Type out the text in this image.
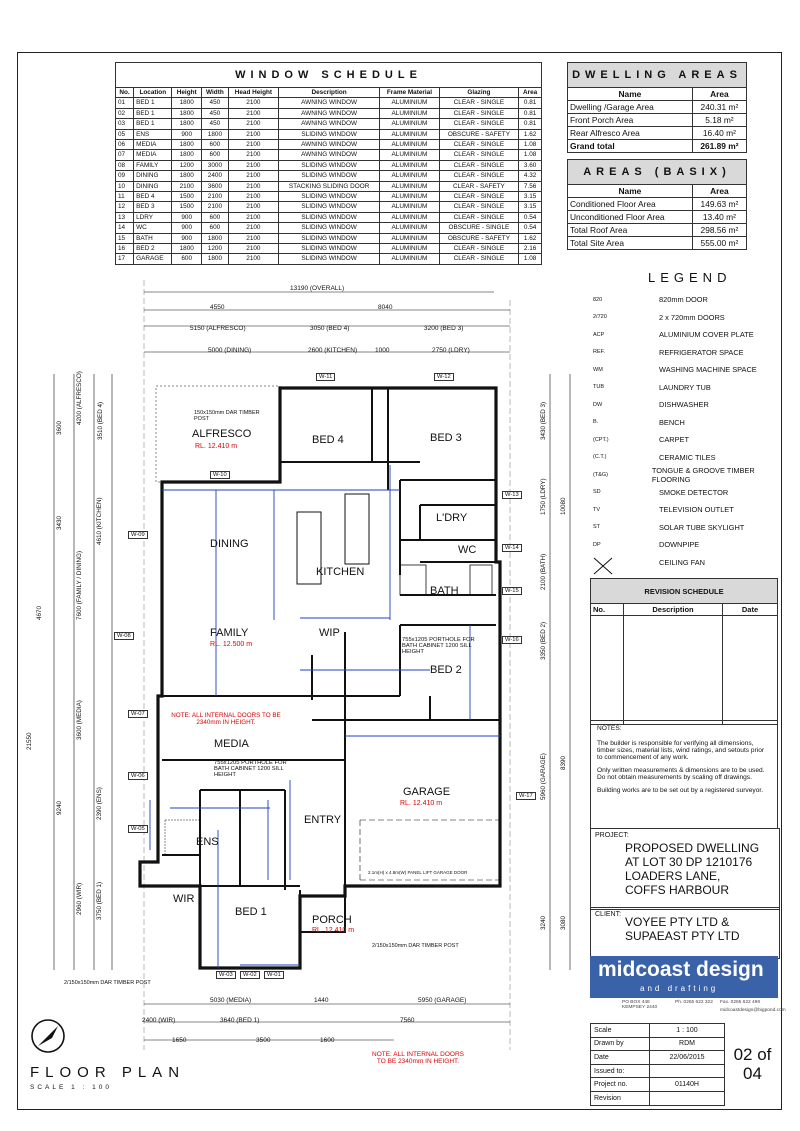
WINDOW SCHEDULE								
No.	Location	Height	Width	Head Height	Description	Frame Material	Glazing	Area
01	BED 1	1800	450	2100	AWNING WINDOW	ALUMINIUM	CLEAR - SINGLE	0.81
02	BED 1	1800	450	2100	AWNING WINDOW	ALUMINIUM	CLEAR - SINGLE	0.81
03	BED 1	1800	450	2100	AWNING WINDOW	ALUMINIUM	CLEAR - SINGLE	0.81
05	ENS	900	1800	2100	SLIDING WINDOW	ALUMINIUM	OBSCURE - SAFETY	1.62
06	MEDIA	1800	600	2100	AWNING WINDOW	ALUMINIUM	CLEAR - SINGLE	1.08
07	MEDIA	1800	600	2100	AWNING WINDOW	ALUMINIUM	CLEAR - SINGLE	1.08
08	FAMILY	1200	3000	2100	SLIDING WINDOW	ALUMINIUM	CLEAR - SINGLE	3.60
09	DINING	1800	2400	2100	SLIDING WINDOW	ALUMINIUM	CLEAR - SINGLE	4.32
10	DINING	2100	3600	2100	STACKING SLIDING DOOR	ALUMINIUM	CLEAR - SAFETY	7.56
11	BED 4	1500	2100	2100	SLIDING WINDOW	ALUMINIUM	CLEAR - SINGLE	3.15
12	BED 3	1500	2100	2100	SLIDING WINDOW	ALUMINIUM	CLEAR - SINGLE	3.15
13	LDRY	900	600	2100	SLIDING WINDOW	ALUMINIUM	CLEAR - SINGLE	0.54
14	WC	900	600	2100	SLIDING WINDOW	ALUMINIUM	OBSCURE - SINGLE	0.54
15	BATH	900	1800	2100	SLIDING WINDOW	ALUMINIUM	OBSCURE - SAFETY	1.62
16	BED 2	1800	1200	2100	SLIDING WINDOW	ALUMINIUM	CLEAR - SINGLE	2.16
17	GARAGE	600	1800	2100	SLIDING WINDOW	ALUMINIUM	CLEAR - SINGLE	1.08
DWELLING AREAS	
Name	Area
Dwelling /Garage Area	240.31 m²
Front Porch Area	5.18 m²
Rear Alfresco Area	16.40 m²
Grand total	261.89 m²

AREAS (BASIX)	
Name	Area
Conditioned Floor Area	149.63 m²
Unconditioned Floor Area	13.40 m²
Total Roof Area	298.56 m²
Total Site Area	555.00 m²
LEGEND
820	820mm DOOR
2/720	2 x 720mm DOORS
ACP	ALUMINIUM COVER PLATE
REF.	REFRIGERATOR SPACE
WM	WASHING MACHINE SPACE
TUB	LAUNDRY TUB
DW	DISHWASHER
B.	BENCH
(CPT.)	CARPET
(C.T.)	CERAMIC TILES
(T&G)	TONGUE & GROOVE TIMBER FLOORING
SD	SMOKE DETECTOR
TV	TELEVISION OUTLET
ST	SOLAR TUBE SKYLIGHT
DP	DOWNPIPE
CEILING FAN
REVISION SCHEDULE		
No.	Description	Date

NOTES:

The builder is responsible for verifying all dimensions, timber sizes, material lists, wind ratings, and setouts prior to commencement of any work.

Only written measurements & dimensions are to be used. Do not obtain measurements by scaling off drawings.

Building works are to be set out by a registered surveyor.

PROJECT:
PROPOSED DWELLING
AT LOT 30 DP 1210176
LOADERS LANE,
COFFS HARBOUR
CLIENT:
VOYEE PTY LTD &
SUPAEAST PTY LTD
midcoast design
and drafting
PO BOX 448 KEMPSEY 2440
Ph. 0265 622 322 Fax. 0265 622 498
midcoastdesign@bigpond.com
Scale	1 : 100	02 of
04

Drawn by	RDM	
Date	22/06/2015	
Issued to:		
Project no.	01140H	
Revision		
FLOOR PLAN
SCALE 1 : 100
NOTE: ALL INTERNAL DOORS TO BE 2340mm IN HEIGHT.
ALFRESCO
RL. 12.410 m
BED 4	BED 3
DINING
KITCHEN
L'DRY
WC
BATH
FAMILY
RL. 12.500 m
WIP
BED 2
MEDIA
GARAGE
RL. 12.410 m
ENS
ENTRY
WIR
BED 1
PORCH
RL. 12.410 m
NOTE: ALL INTERNAL DOORS TO BE 2340mm IN HEIGHT.
150x150mm DAR TIMBER POST
2/150x150mm DAR TIMBER POST
2/150x150mm DAR TIMBER POST
755x1205 PORTHOLE FOR BATH CABINET 1200 SILL HEIGHT
755x1205 PORTHOLE FOR BATH CABINET 1200 SILL HEIGHT
2.1m(H) x 4.8m(W) PANEL LIFT GARAGE DOOR
13190 (OVERALL)
4550	8040
5150 (ALFRESCO)	3050 (BED 4)	3200 (BED 3)
5000 (DINING)	2600 (KITCHEN)	1000	2750 (LDRY)
5030 (MEDIA)	1440	5950 (GARAGE)
2400 (WIR)	3640 (BED 1)	7560
1650	3500	1600
21550
3600
4200 (ALFRESCO) 3510 (BED 4)
3430	4610 (KITCHEN)
7600 (FAMILY / DINING)
4670
3600 (MEDIA)
9240	2390 (ENS)
2960 (WIR) 3750 (BED 1)
3430 (BED 3)
1750 (LDRY) 10080
2100 (BATH)
3350 (BED 2)
5960 (GARAGE) 8390
3240 3080
W-11	W-12
W-10
W-09
W-13
W-14
W-15
W-08
W-16
W-07
W-06
W-17
W-05
W-03	W-02	W-01
